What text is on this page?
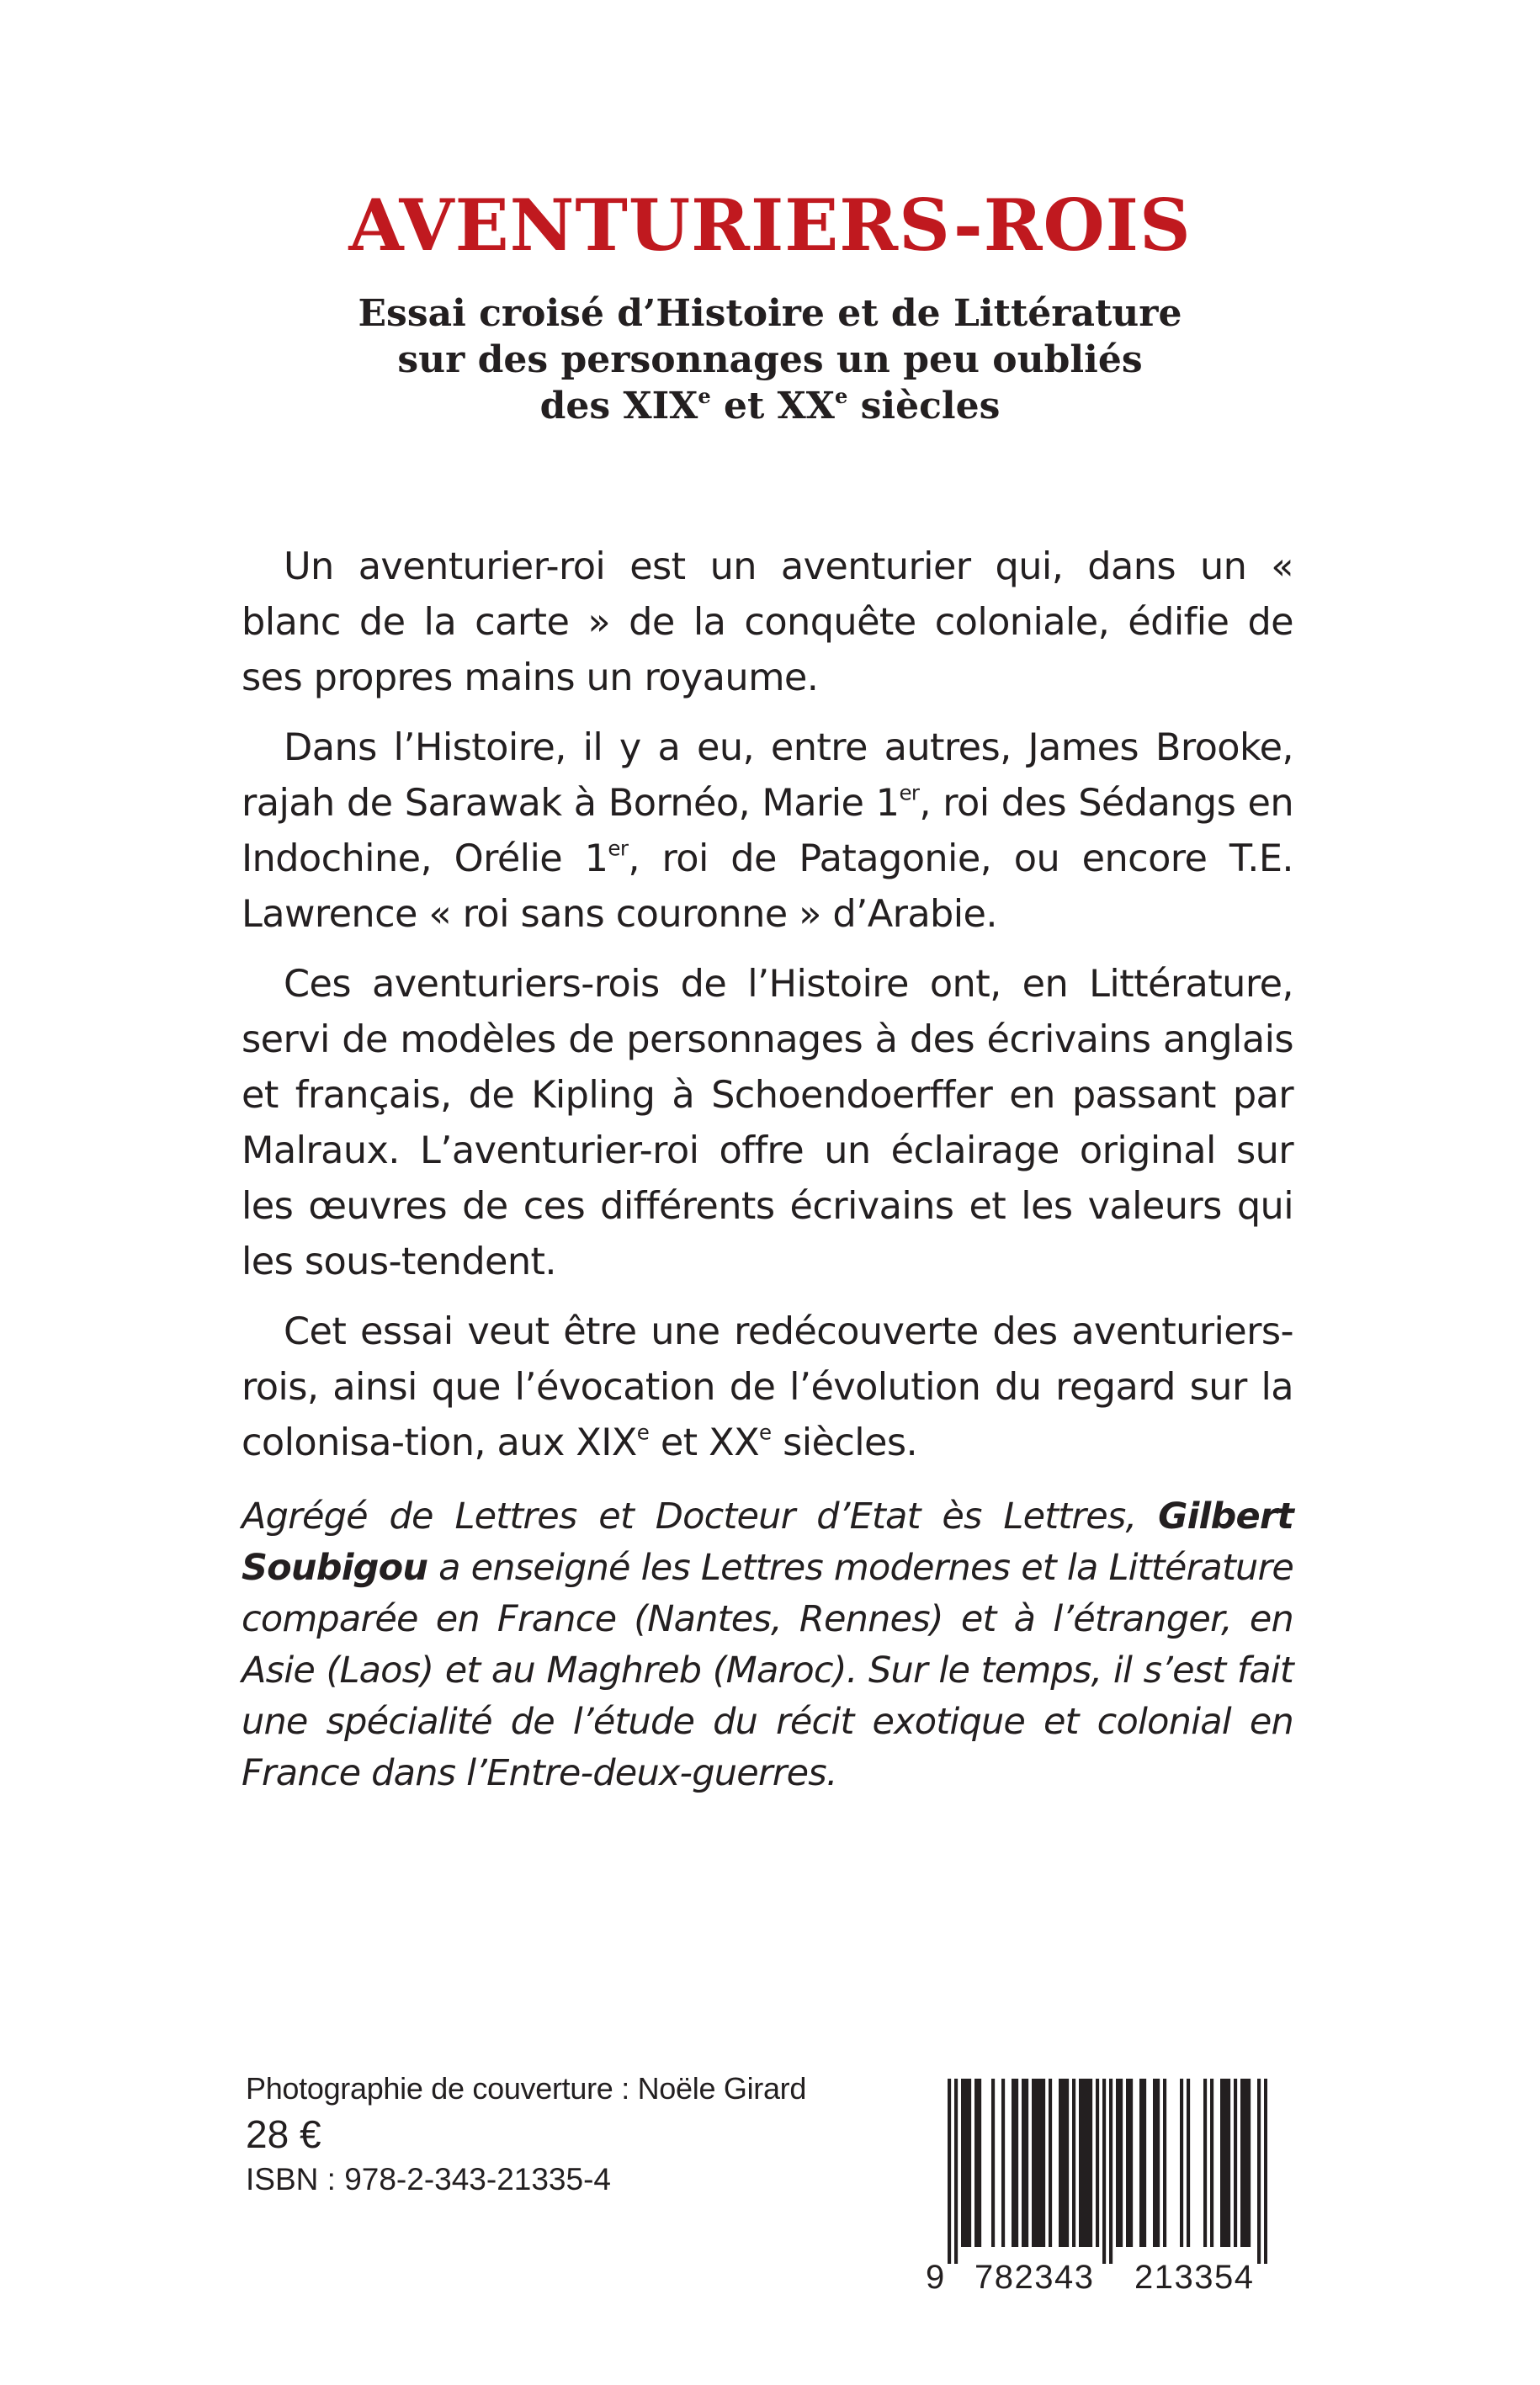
AVENTURIERS-ROIS
Essai croisé d’Histoire et de Littérature
sur des personnages un peu oubliés
des XIXe et XXe siècles

Un aventurier-roi est un aventurier qui, dans un « blanc de la carte » de la conquête coloniale, édifie de ses propres mains un royaume.

Dans l’Histoire, il y a eu, entre autres, James Brooke, rajah de Sarawak à Bornéo, Marie 1er, roi des Sédangs en Indochine, Orélie 1er, roi de Patagonie, ou encore T.E. Lawrence « roi sans couronne » d’Arabie.

Ces aventuriers-rois de l’Histoire ont, en Littérature, servi de modèles de personnages à des écrivains anglais et français, de Kipling à Schoendoerffer en passant par Malraux. L’aventurier-roi offre un éclairage original sur les œuvres de ces différents écrivains et les valeurs qui les sous-tendent.

Cet essai veut être une redécouverte des aventuriers-rois, ainsi que l’évocation de l’évolution du regard sur la colonisa-tion, aux XIXe et XXe siècles.

Agrégé de Lettres et Docteur d’Etat ès Lettres, Gilbert Soubigou a enseigné les Lettres modernes et la Littérature comparée en France (Nantes, Rennes) et à l’étranger, en Asie (Laos) et au Maghreb (Maroc). Sur le temps, il s’est fait une spécialité de l’étude du récit exotique et colonial en France dans l’Entre-deux-guerres.

Photographie de couverture : Noële Girard
28 €
ISBN : 978-2-343-21335-4
9 782343 213354
